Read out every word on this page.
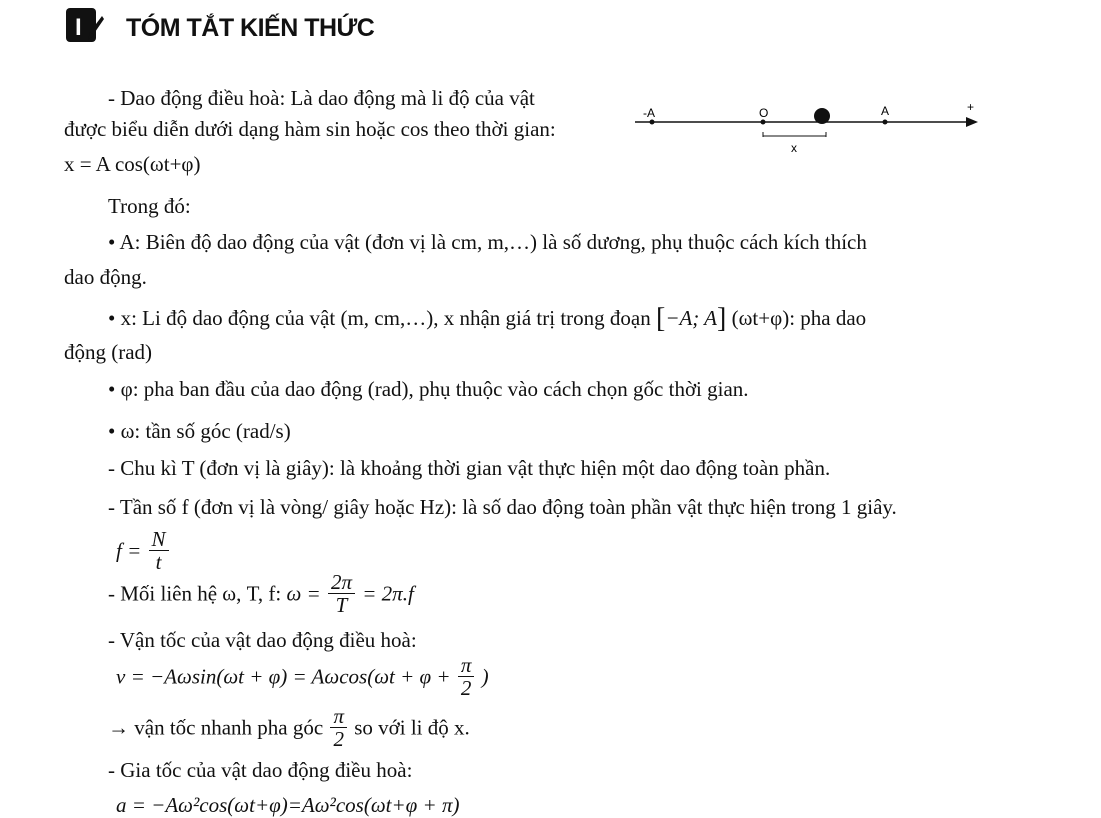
I TÓM TẮT KIẾN THỨC
-A	O	A	+
x
- Dao động điều hoà: Là dao động mà li độ của vật
được biểu diễn dưới dạng hàm sin hoặc cos theo thời gian:
x = A cos(ωt+φ)
Trong đó:
• A: Biên độ dao động của vật (đơn vị là cm, m,…) là số dương, phụ thuộc cách kích thích
dao động.
• x: Li độ dao động của vật (m, cm,…), x nhận giá trị trong đoạn [−A; A] (ωt+φ): pha dao
động (rad)
• φ: pha ban đầu của dao động (rad), phụ thuộc vào cách chọn gốc thời gian.
• ω: tần số góc (rad/s)
- Chu kì T (đơn vị là giây): là khoảng thời gian vật thực hiện một dao động toàn phần.
- Tần số f (đơn vị là vòng/ giây hoặc Hz): là số dao động toàn phần vật thực hiện trong 1 giây.
$f = \frac{N}{t}$
- Mối liên hệ ω, T, f: $\omega = \frac{2\pi}{T} = 2\pi.f$
- Vận tốc của vật dao động điều hoà:
$v = -A\omega\sin(\omega t + \varphi) = A\omega\cos(\omega t + \varphi + \frac{\pi}{2}$ )
→ vận tốc nhanh pha góc $\frac{\pi}{2}$ so với li độ x.
- Gia tốc của vật dao động điều hoà:
a = −Aω²cos(ωt+φ)=Aω²cos(ωt+φ + π)
